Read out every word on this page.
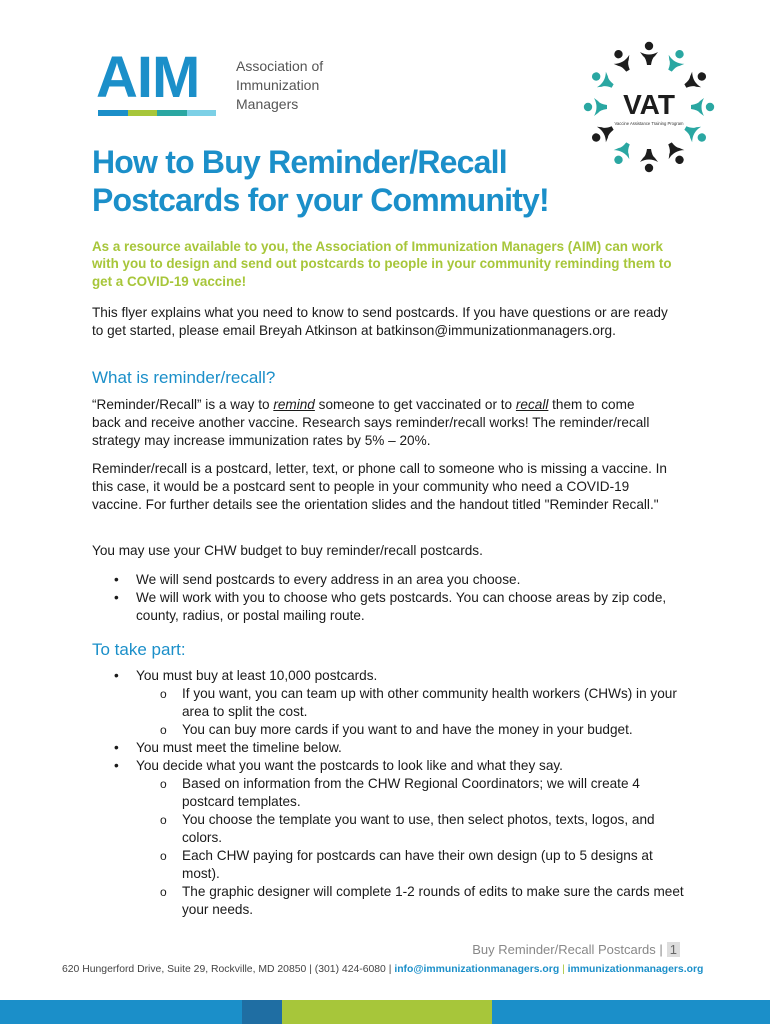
AIM	Association of
Immunization
Managers	VAT
Vaccine Assistance Training Program
How to Buy Reminder/Recall
Postcards for your Community!
As a resource available to you, the Association of Immunization Managers (AIM) can work with you to design and send out postcards to people in your community reminding them to get a COVID-19 vaccine!

This flyer explains what you need to know to send postcards. If you have questions or are ready to get started, please email Breyah Atkinson at batkinson@immunizationmanagers.org.

What is reminder/recall?

“Reminder/Recall” is a way to remind someone to get vaccinated or to recall them to come back and receive another vaccine. Research says reminder/recall works! The reminder/recall strategy may increase immunization rates by 5% – 20%.

Reminder/recall is a postcard, letter, text, or phone call to someone who is missing a vaccine. In this case, it would be a postcard sent to people in your community who need a COVID-19 vaccine. For further details see the orientation slides and the handout titled "Reminder Recall."

You may use your CHW budget to buy reminder/recall postcards.

• We will send postcards to every address in an area you choose.
• We will work with you to choose who gets postcards. You can choose areas by zip code, county, radius, or postal mailing route.
To take part:
• You must buy at least 10,000 postcards.
o If you want, you can team up with other community health workers (CHWs) in your area to split the cost.
o You can buy more cards if you want to and have the money in your budget.
• You must meet the timeline below.
• You decide what you want the postcards to look like and what they say.
o Based on information from the CHW Regional Coordinators; we will create 4 postcard templates.
o You choose the template you want to use, then select photos, texts, logos, and colors.
o Each CHW paying for postcards can have their own design (up to 5 designs at most).
o The graphic designer will complete 1-2 rounds of edits to make sure the cards meet your needs.
Buy Reminder/Recall Postcards | 1
620 Hungerford Drive, Suite 29, Rockville, MD 20850 | (301) 424-6080 | info@immunizationmanagers.org | immunizationmanagers.org
